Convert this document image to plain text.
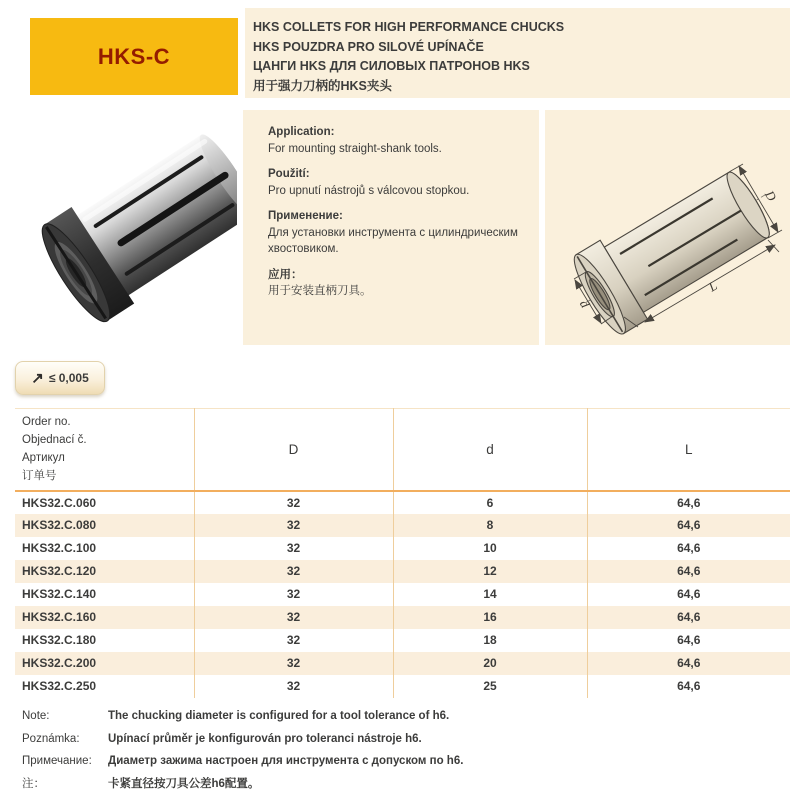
HKS-C
HKS COLLETS FOR HIGH PERFORMANCE CHUCKS
HKS POUZDRA PRO SILOVÉ UPÍNAČE
ЦАНГИ HKS ДЛЯ СИЛОВЫХ ПАТРОНОВ HKS
用于强力刀柄的HKS夹头
Application:
For mounting straight-shank tools.
Použití:
Pro upnutí nástrojů s válcovou stopkou.
Применение:
Для установки инструмента с цилиндрическим хвостовиком.
应用：
用于安装直柄刀具。
D
L
d
↗ ≤ 0,005
Order no.
Objednací č.
Артикул
订单号	D	d	L
HKS32.C.060	32	6	64,6
HKS32.C.080	32	8	64,6
HKS32.C.100	32	10	64,6
HKS32.C.120	32	12	64,6
HKS32.C.140	32	14	64,6
HKS32.C.160	32	16	64,6
HKS32.C.180	32	18	64,6
HKS32.C.200	32	20	64,6
HKS32.C.250	32	25	64,6
Note:	The chucking diameter is configured for a tool tolerance of h6.
Poznámka:	Upínací průměr je konfigurován pro toleranci nástroje h6.
Примечание:	Диаметр зажима настроен для инструмента с допуском по h6.
注：	卡紧直径按刀具公差h6配置。
